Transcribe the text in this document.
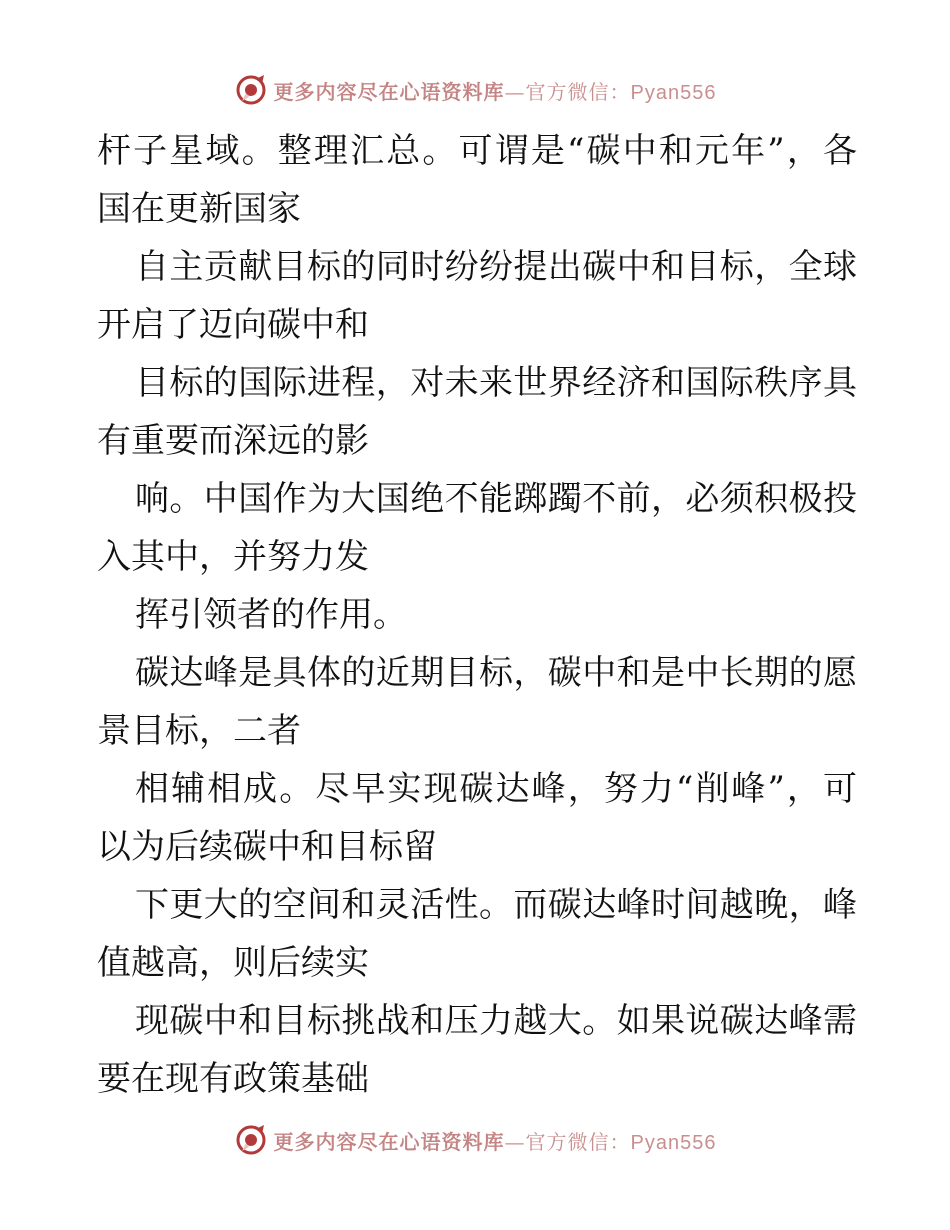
更多内容尽在心语资料库—官方微信：Pyan556
杆子星域。整理汇总。可谓是“碳中和元年”，各
国在更新国家
自主贡献目标的同时纷纷提出碳中和目标，全球
开启了迈向碳中和
目标的国际进程，对未来世界经济和国际秩序具
有重要而深远的影
响。中国作为大国绝不能踯躅不前，必须积极投
入其中，并努力发
挥引领者的作用。
碳达峰是具体的近期目标，碳中和是中长期的愿
景目标，二者
相辅相成。尽早实现碳达峰，努力“削峰”，可
以为后续碳中和目标留
下更大的空间和灵活性。而碳达峰时间越晚，峰
值越高，则后续实
现碳中和目标挑战和压力越大。如果说碳达峰需
要在现有政策基础
更多内容尽在心语资料库—官方微信：Pyan556
